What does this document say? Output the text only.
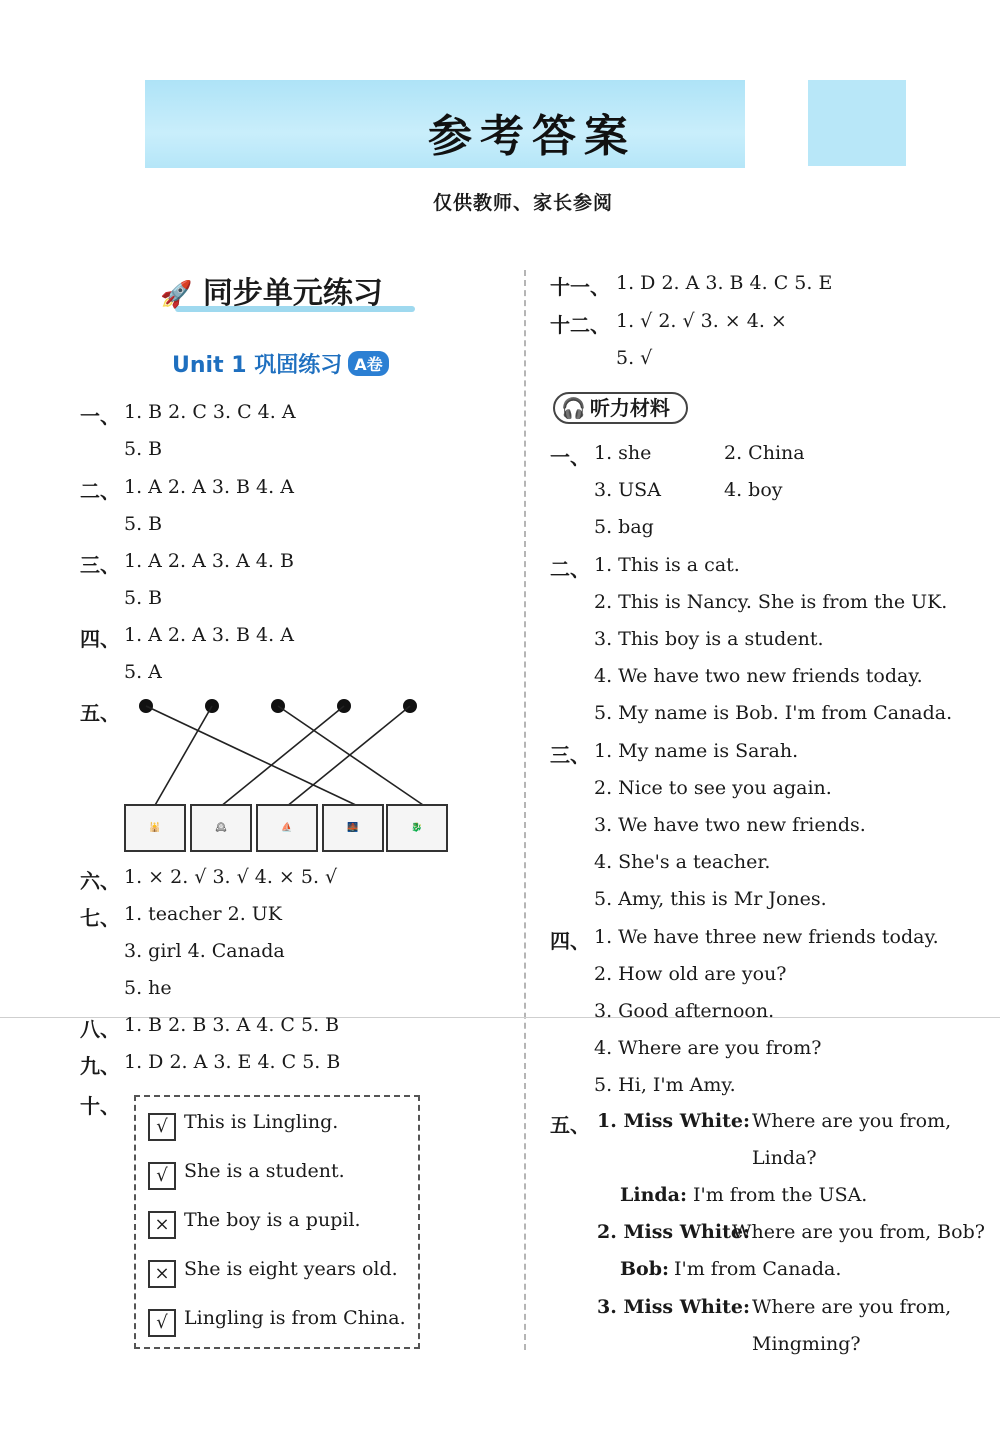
参考答案
仅供教师、家长参阅
🚀 同步单元练习
Unit 1 巩固练习 A卷
一、 1. B 2. C 3. C 4. A
5. B
二、 1. A 2. A 3. B 4. A
5. B
三、 1. A 2. A 3. A 4. B
5. B
四、 1. A 2. A 3. B 4. A
5. A
五、
🕌	🕰	⛵	🌉	🐉
六、 1. × 2. √ 3. √ 4. × 5. √
七、 1. teacher 2. UK
3. girl 4. Canada
5. he
八、 1. B 2. B 3. A 4. C 5. B
九、 1. D 2. A 3. E 4. C 5. B
十、
√ This is Lingling.
√ She is a student.
× The boy is a pupil.
× She is eight years old.
√ Lingling is from China.
十一、 1. D 2. A 3. B 4. C 5. E
十二、 1. √ 2. √ 3. × 4. ×
5. √
🎧 听力材料
一、 1. she	2. China
3. USA	4. boy
5. bag
二、 1. This is a cat.
2. This is Nancy. She is from the UK.
3. This boy is a student.
4. We have two new friends today.
5. My name is Bob. I'm from Canada.
三、 1. My name is Sarah.
2. Nice to see you again.
3. We have two new friends.
4. She's a teacher.
5. Amy, this is Mr Jones.
四、 1. We have three new friends today.
2. How old are you?
3. Good afternoon.
4. Where are you from?
5. Hi, I'm Amy.
五、 1. Miss White: Where are you from,
Linda?
Linda: I'm from the USA.
2. Miss White:
Where are you from, Bob?
Bob: I'm from Canada.
3. Miss White: Where are you from,
Mingming?
